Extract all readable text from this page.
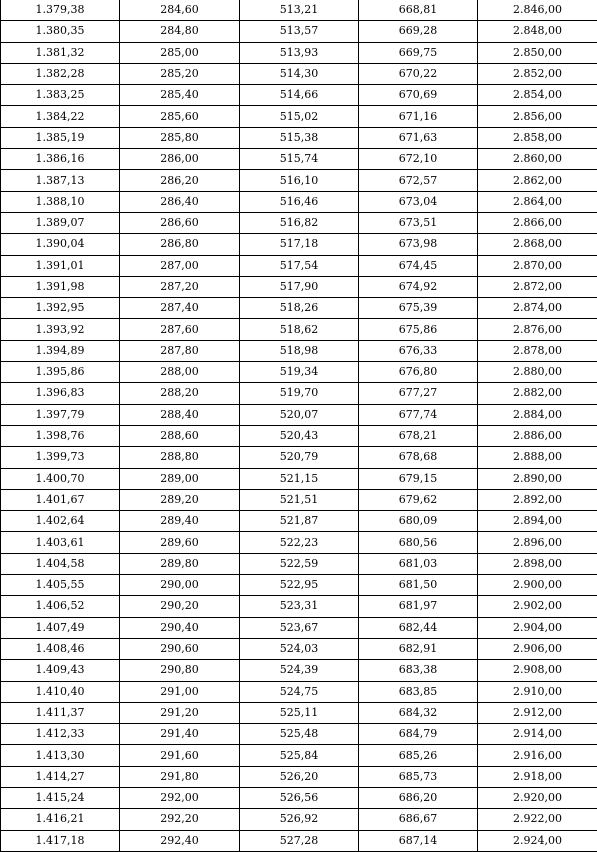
1.379,38	284,60	513,21	668,81	2.846,00
1.380,35	284,80	513,57	669,28	2.848,00
1.381,32	285,00	513,93	669,75	2.850,00
1.382,28	285,20	514,30	670,22	2.852,00
1.383,25	285,40	514,66	670,69	2.854,00
1.384,22	285,60	515,02	671,16	2.856,00
1.385,19	285,80	515,38	671,63	2.858,00
1.386,16	286,00	515,74	672,10	2.860,00
1.387,13	286,20	516,10	672,57	2.862,00
1.388,10	286,40	516,46	673,04	2.864,00
1.389,07	286,60	516,82	673,51	2.866,00
1.390,04	286,80	517,18	673,98	2.868,00
1.391,01	287,00	517,54	674,45	2.870,00
1.391,98	287,20	517,90	674,92	2.872,00
1.392,95	287,40	518,26	675,39	2.874,00
1.393,92	287,60	518,62	675,86	2.876,00
1.394,89	287,80	518,98	676,33	2.878,00
1.395,86	288,00	519,34	676,80	2.880,00
1.396,83	288,20	519,70	677,27	2.882,00
1.397,79	288,40	520,07	677,74	2.884,00
1.398,76	288,60	520,43	678,21	2.886,00
1.399,73	288,80	520,79	678,68	2.888,00
1.400,70	289,00	521,15	679,15	2.890,00
1.401,67	289,20	521,51	679,62	2.892,00
1.402,64	289,40	521,87	680,09	2.894,00
1.403,61	289,60	522,23	680,56	2.896,00
1.404,58	289,80	522,59	681,03	2.898,00
1.405,55	290,00	522,95	681,50	2.900,00
1.406,52	290,20	523,31	681,97	2.902,00
1.407,49	290,40	523,67	682,44	2.904,00
1.408,46	290,60	524,03	682,91	2.906,00
1.409,43	290,80	524,39	683,38	2.908,00
1.410,40	291,00	524,75	683,85	2.910,00
1.411,37	291,20	525,11	684,32	2.912,00
1.412,33	291,40	525,48	684,79	2.914,00
1.413,30	291,60	525,84	685,26	2.916,00
1.414,27	291,80	526,20	685,73	2.918,00
1.415,24	292,00	526,56	686,20	2.920,00
1.416,21	292,20	526,92	686,67	2.922,00
1.417,18	292,40	527,28	687,14	2.924,00
